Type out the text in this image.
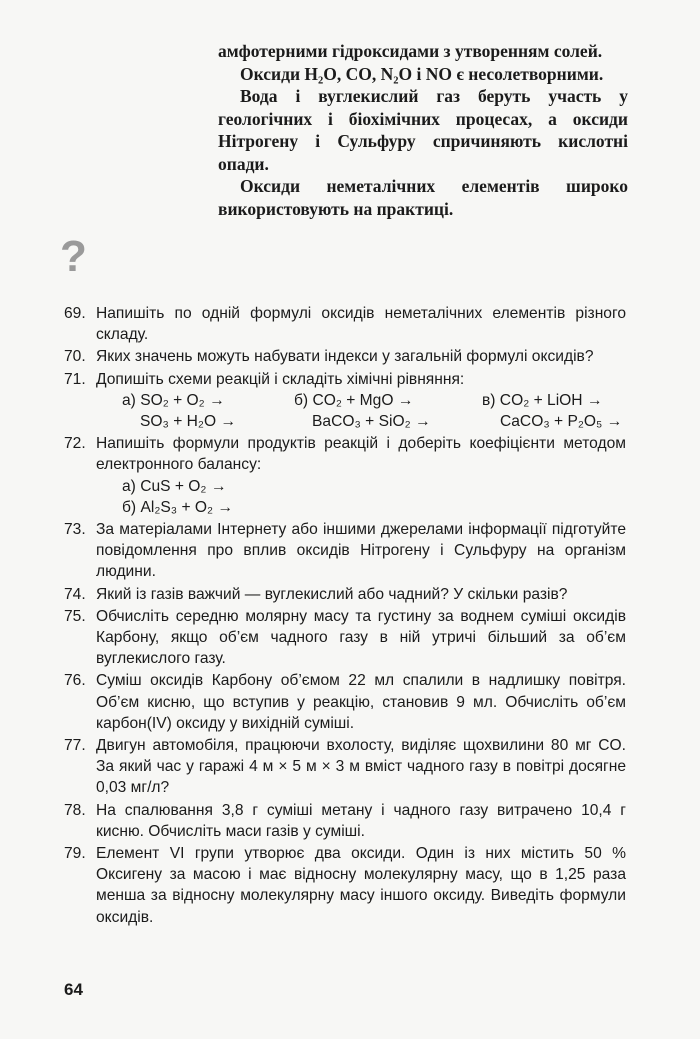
амфотерними гідроксидами з утворенням солей.

Оксиди H₂O, CO, N₂O і NO є несолетворними.

Вода і вуглекислий газ беруть участь у геологічних і біохімічних процесах, а оксиди Нітрогену і Сульфуру спричиняють кислотні опади.

Оксиди неметалічних елементів широко використовують на практиці.

?
69. Напишіть по одній формулі оксидів неметалічних елементів різного складу.
70. Яких значень можуть набувати індекси у загальній формулі оксидів?
71. Допишіть схеми реакцій і складіть хімічні рівняння:
а) SO₂ + O₂ →	б) CO₂ + MgO →	в) CO₂ + LiOH →
SO₃ + H₂O →	BaCO₃ + SiO₂ →	CaCO₃ + P₂O₅ →
72. Напишіть формули продуктів реакцій і доберіть коефіцієнти методом електронного балансу:
а) CuS + O₂ →
б) Al₂S₃ + O₂ →
73. За матеріалами Інтернету або іншими джерелами інформації підготуйте повідомлення про вплив оксидів Нітрогену і Сульфуру на організм людини.
74. Який із газів важчий — вуглекислий або чадний? У скільки разів?
75. Обчисліть середню молярну масу та густину за воднем суміші оксидів Карбону, якщо об’єм чадного газу в ній утричі більший за об’єм вуглекислого газу.
76. Суміш оксидів Карбону об’ємом 22 мл спалили в надлишку повітря. Об’єм кисню, що вступив у реакцію, становив 9 мл. Обчисліть об’єм карбон(IV) оксиду у вихідній суміші.
77. Двигун автомобіля, працюючи вхолосту, виділяє щохвилини 80 мг CO. За який час у гаражі 4 м × 5 м × 3 м вміст чадного газу в повітрі досягне 0,03 мг/л?
78. На спалювання 3,8 г суміші метану і чадного газу витрачено 10,4 г кисню. Обчисліть маси газів у суміші.
79. Елемент VI групи утворює два оксиди. Один із них містить 50 % Оксигену за масою і має відносну молекулярну масу, що в 1,25 раза менша за відносну молекулярну масу іншого оксиду. Виведіть формули оксидів.
64
